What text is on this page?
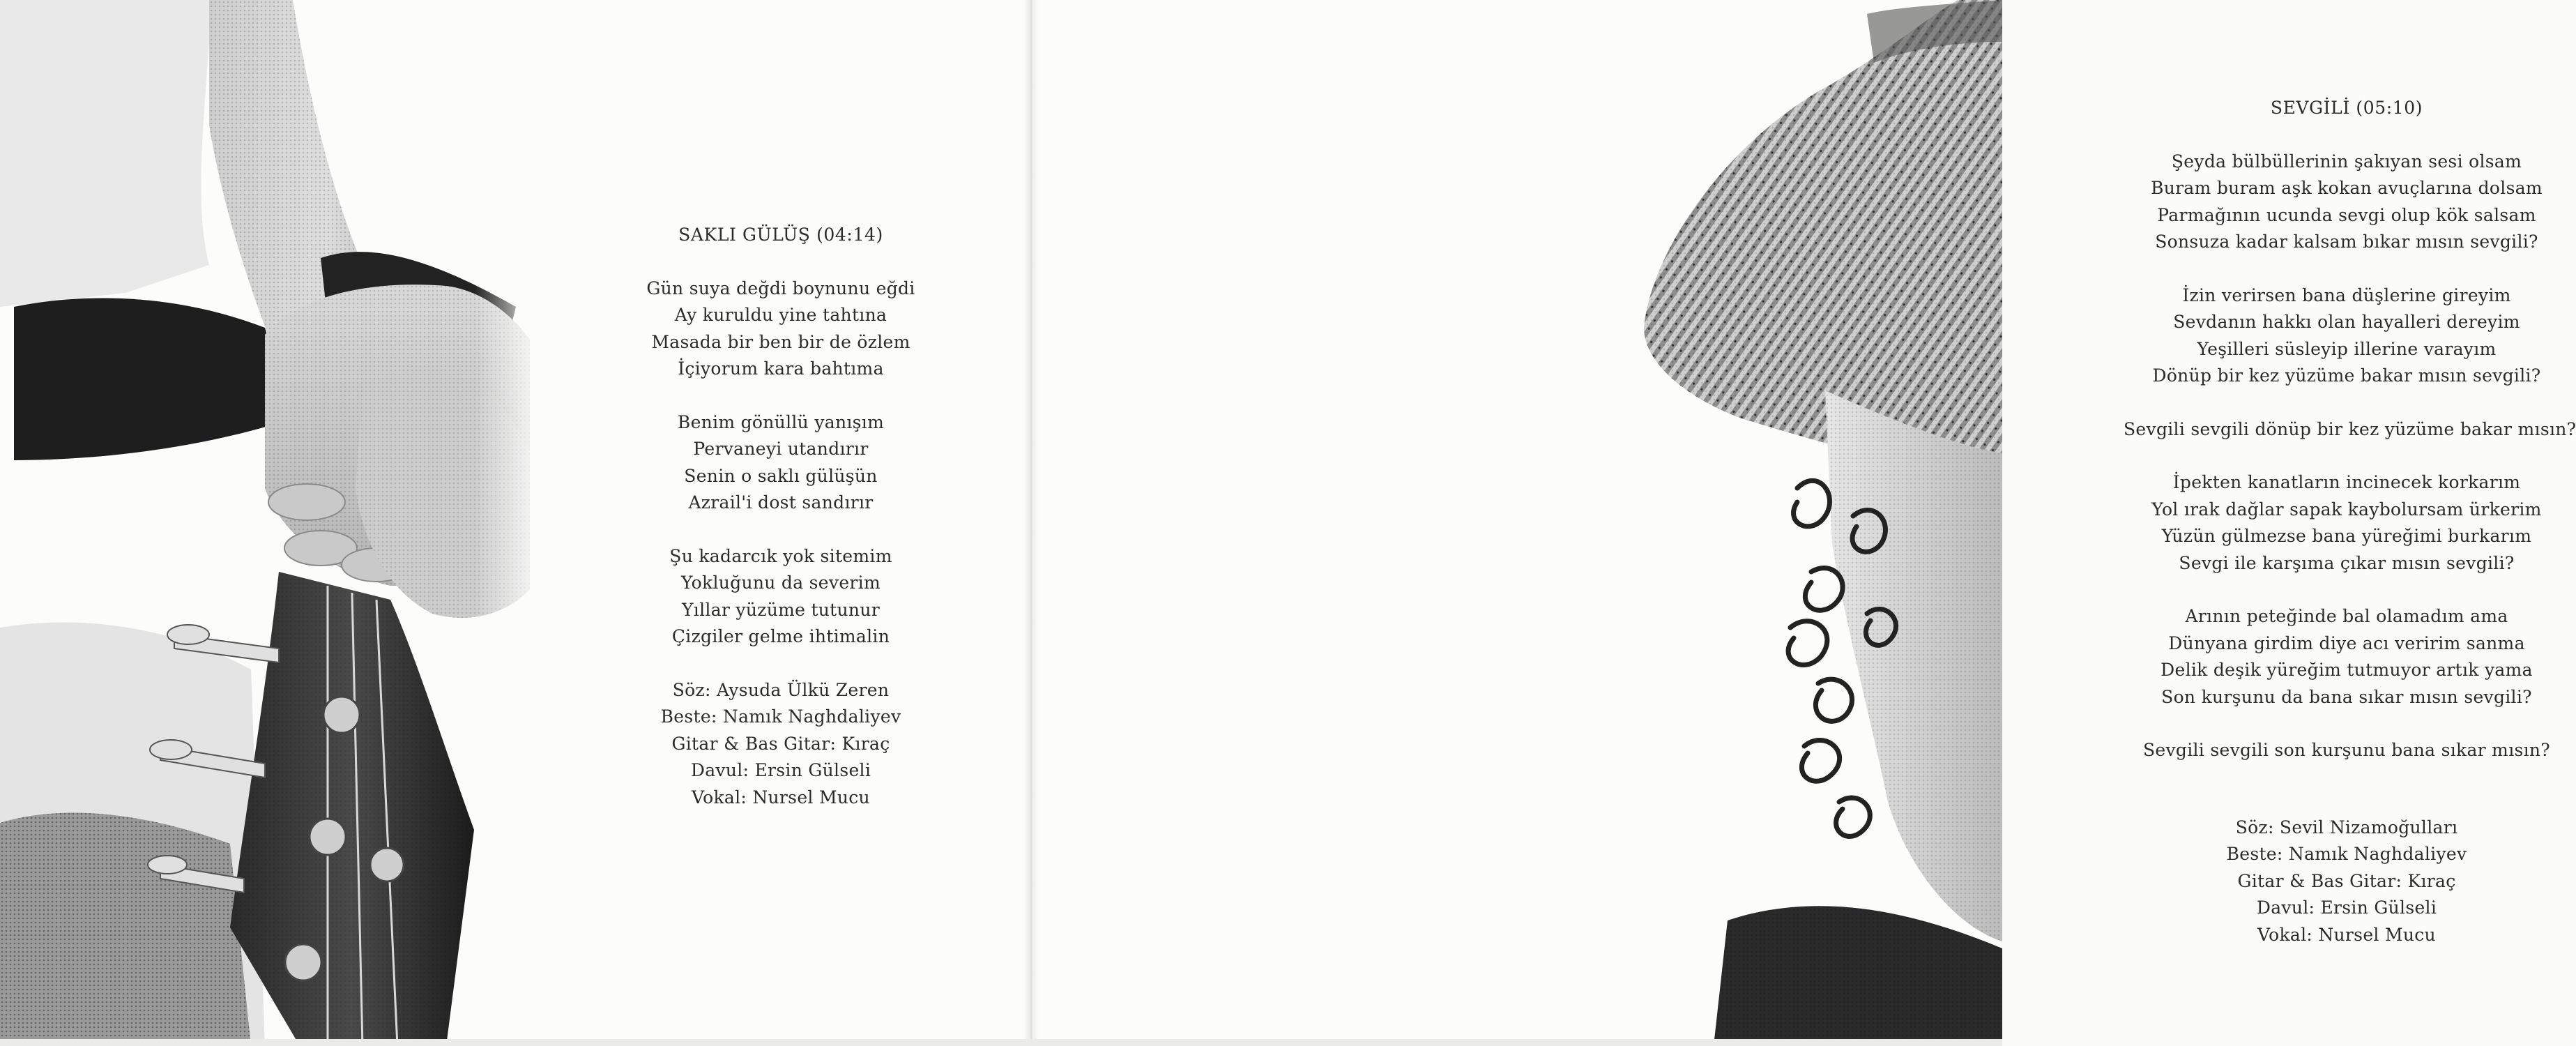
SAKLI GÜLÜŞ (04:14)

Gün suya değdi boynunu eğdi

Ay kuruldu yine tahtına

Masada bir ben bir de özlem

İçiyorum kara bahtıma

Benim gönüllü yanışım

Pervaneyi utandırır

Senin o saklı gülüşün

Azrail'i dost sandırır

Şu kadarcık yok sitemim

Yokluğunu da severim

Yıllar yüzüme tutunur

Çizgiler gelme ihtimalin

Söz: Aysuda Ülkü Zeren

Beste: Namık Naghdaliyev

Gitar & Bas Gitar: Kıraç

Davul: Ersin Gülseli

Vokal: Nursel Mucu

SEVGİLİ (05:10)

Şeyda bülbüllerinin şakıyan sesi olsam

Buram buram aşk kokan avuçlarına dolsam

Parmağının ucunda sevgi olup kök salsam

Sonsuza kadar kalsam bıkar mısın sevgili?

İzin verirsen bana düşlerine gireyim

Sevdanın hakkı olan hayalleri dereyim

Yeşilleri süsleyip illerine varayım

Dönüp bir kez yüzüme bakar mısın sevgili?

Sevgili sevgili dönüp bir kez yüzüme bakar mısın?

İpekten kanatların incinecek korkarım

Yol ırak dağlar sapak kaybolursam ürkerim

Yüzün gülmezse bana yüreğimi burkarım

Sevgi ile karşıma çıkar mısın sevgili?

Arının peteğinde bal olamadım ama

Dünyana girdim diye acı veririm sanma

Delik deşik yüreğim tutmuyor artık yama

Son kurşunu da bana sıkar mısın sevgili?

Sevgili sevgili son kurşunu bana sıkar mısın?

Söz: Sevil Nizamoğulları

Beste: Namık Naghdaliyev

Gitar & Bas Gitar: Kıraç

Davul: Ersin Gülseli

Vokal: Nursel Mucu
